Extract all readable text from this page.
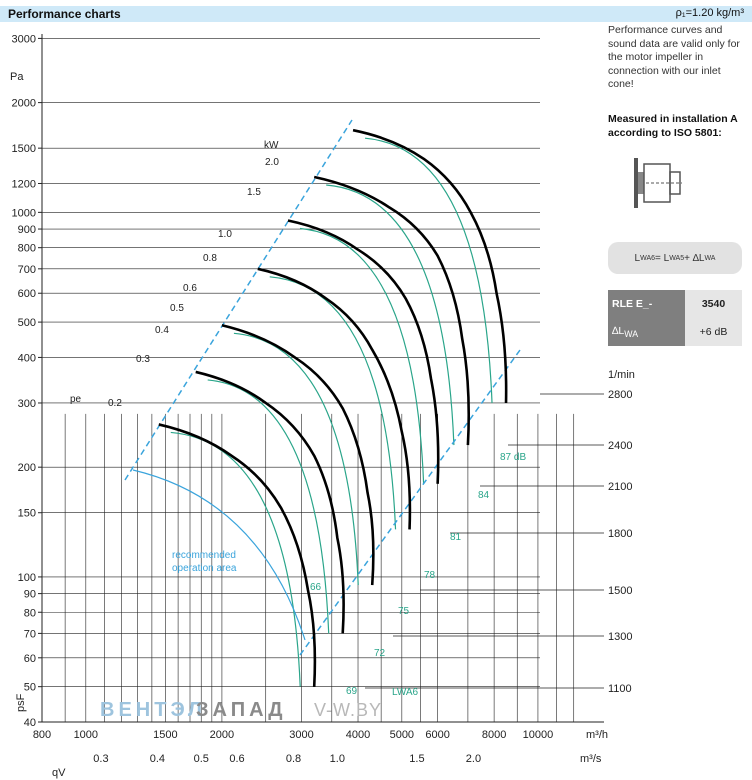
Performance charts	ρ₁=1.20 kg/m³
2800
2400
2100
1800
1500
1300
1100
1/min
40
50
60
70
80
90
100
150
200
300
400
500
600
700
800
900
1000
1200
1500
2000
3000
Pa
psF
800 1000	1500	2000	3000	4000 5000 6000	8000 10000	m³/h
0.3	0.4	0.5 0.6	0.8	1.0	1.5	2.0	m³/s
qV
kW
2.0
1.5
1.0
0.8
0.6
0.5
0.4
0.3
0.2
87 dB
84
81
78
75
72
69
66
recommended
operation area
pe
LWA6
ВЕНТЭЛ
ЗАПАД V-W.BY
Performance curves and sound data are valid only for the motor impeller in connection with our inlet cone!
Measured in installation A according to ISO 5801:
L WA6 = L WA5 + ∆L WA
RLE E_-	3540
$\Delta L_{WA}$	+6 dB
